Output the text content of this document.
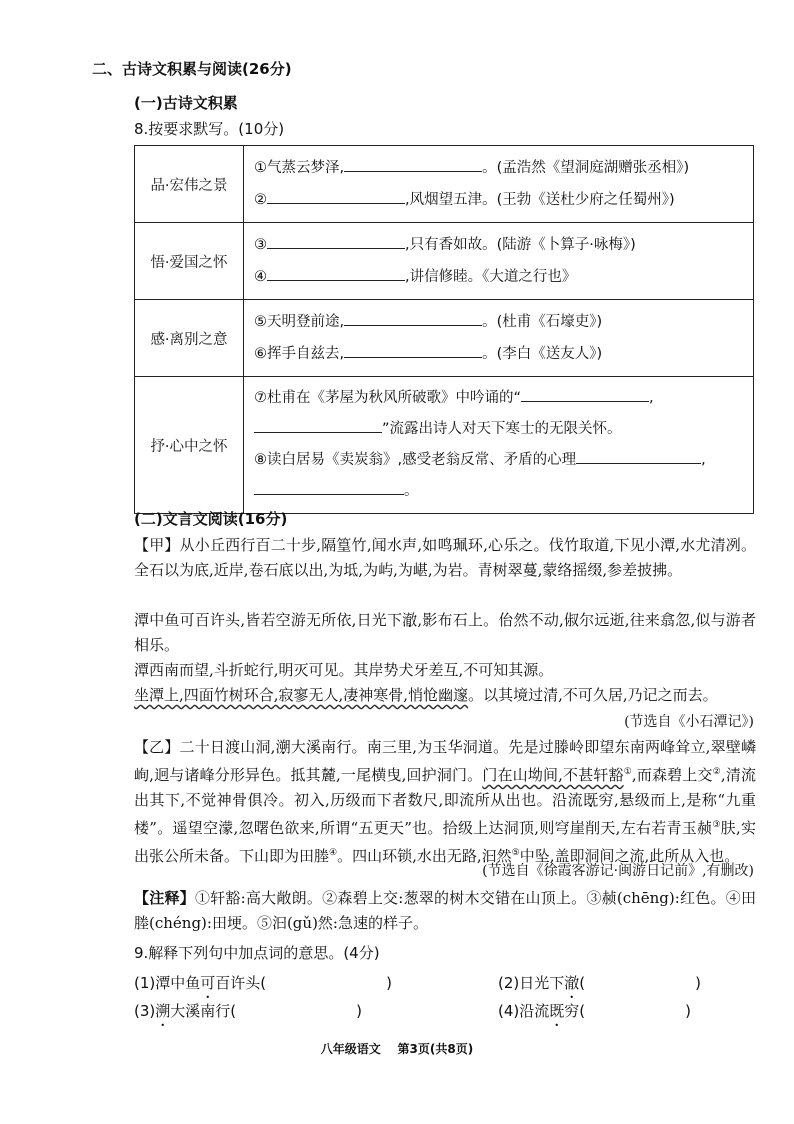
二、古诗文积累与阅读(26分)
(一)古诗文积累
8.按要求默写。(10分)
品·宏伟之景	①气蒸云梦泽, 。(孟浩然《望洞庭湖赠张丞相》)
② ,风烟望五津。(王勃《送杜少府之任蜀州》)

悟·爱国之怀	③ ,只有香如故。(陆游《卜算子·咏梅》)
④ ,讲信修睦。《大道之行也》

感·离别之意	⑤天明登前途, 。(杜甫《石壕吏》)
⑥挥手自兹去, 。(李白《送友人》)

抒·心中之怀	⑦杜甫在《茅屋为秋风所破歌》中吟诵的“ ,
”流露出诗人对天下寒士的无限关怀。
⑧读白居易《卖炭翁》,感受老翁反常、矛盾的心理 ,
。
(二)文言文阅读(16分)
【甲】从小丘西行百二十步,隔篁竹,闻水声,如鸣珮环,心乐之。伐竹取道,下见小潭,水尤清冽。全石以为底,近岸,卷石底以出,为坻,为屿,为嵁,为岩。青树翠蔓,蒙络摇缀,参差披拂。
潭中鱼可百许头,皆若空游无所依,日光下澈,影布石上。佁然不动,俶尔远逝,往来翕忽,似与游者相乐。
潭西南而望,斗折蛇行,明灭可见。其岸势犬牙差互,不可知其源。
坐潭上,四面竹树环合,寂寥无人,凄神寒骨,悄怆幽邃。以其境过清,不可久居,乃记之而去。
(节选自《小石潭记》)
【乙】二十日渡山洞,溯大溪南行。南三里,为玉华洞道。先是过滕岭即望东南两峰耸立,翠壁嶙峋,迥与诸峰分形异色。抵其麓,一尾横曳,回护洞门。门在山坳间,不甚轩豁①,而森碧上交②,清流出其下,不觉神骨俱冷。初入,历级而下者数尺,即流所从出也。沿流既穷,悬级而上,是称“九重楼”。遥望空濛,忽曙色欲来,所谓“五更天”也。拾级上达洞顶,则穹崖削天,左右若青玉赪③肤,实出张公所未备。下山即为田塍④。四山环锁,水出无路,汩然⑤中坠,盖即洞间之流,此所从入也。
(节选自《徐霞客游记·闽游日记前》,有删改)
【注释】①轩豁:高大敞朗。②森碧上交:葱翠的树木交错在山顶上。③赪(chēng):红色。④田塍(chéng):田埂。⑤汩(gǔ)然:急速的样子。
9.解释下列句中加点词的意思。(4分)
(1)潭中鱼可百许头(	)	(2)日光下澈(	)
(3)溯大溪南行(	)	(4)沿流既穷(	)
八年级语文 第3页(共8页)
